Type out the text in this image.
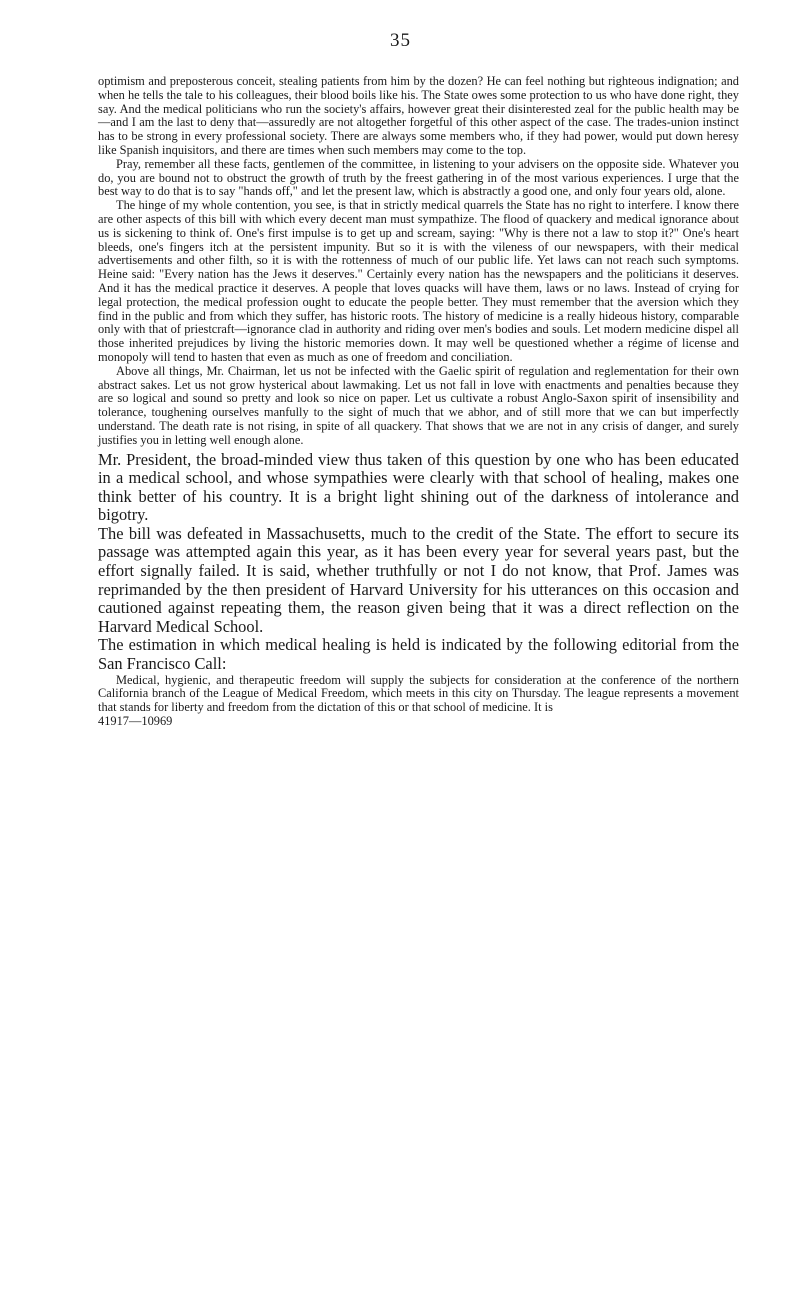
35

optimism and preposterous conceit, stealing patients from him by the dozen? He can feel nothing but righteous indignation; and when he tells the tale to his colleagues, their blood boils like his. The State owes some protection to us who have done right, they say. And the medical politicians who run the society's affairs, however great their disinterested zeal for the public health may be—and I am the last to deny that—assuredly are not altogether forgetful of this other aspect of the case. The trades-union instinct has to be strong in every professional society. There are always some members who, if they had power, would put down heresy like Spanish inquisitors, and there are times when such members may come to the top.

Pray, remember all these facts, gentlemen of the committee, in listening to your advisers on the opposite side. Whatever you do, you are bound not to obstruct the growth of truth by the freest gathering in of the most various experiences. I urge that the best way to do that is to say "hands off," and let the present law, which is abstractly a good one, and only four years old, alone.

The hinge of my whole contention, you see, is that in strictly medical quarrels the State has no right to interfere. I know there are other aspects of this bill with which every decent man must sympathize. The flood of quackery and medical ignorance about us is sickening to think of. One's first impulse is to get up and scream, saying: "Why is there not a law to stop it?" One's heart bleeds, one's fingers itch at the persistent impunity. But so it is with the vileness of our newspapers, with their medical advertisements and other filth, so it is with the rottenness of much of our public life. Yet laws can not reach such symptoms. Heine said: "Every nation has the Jews it deserves." Certainly every nation has the newspapers and the politicians it deserves. And it has the medical practice it deserves. A people that loves quacks will have them, laws or no laws. Instead of crying for legal protection, the medical profession ought to educate the people better. They must remember that the aversion which they find in the public and from which they suffer, has historic roots. The history of medicine is a really hideous history, comparable only with that of priestcraft—ignorance clad in authority and riding over men's bodies and souls. Let modern medicine dispel all those inherited prejudices by living the historic memories down. It may well be questioned whether a régime of license and monopoly will tend to hasten that even as much as one of freedom and conciliation.

Above all things, Mr. Chairman, let us not be infected with the Gaelic spirit of regulation and reglementation for their own abstract sakes. Let us not grow hysterical about lawmaking. Let us not fall in love with enactments and penalties because they are so logical and sound so pretty and look so nice on paper. Let us cultivate a robust Anglo-Saxon spirit of insensibility and tolerance, toughening ourselves manfully to the sight of much that we abhor, and of still more that we can but imperfectly understand. The death rate is not rising, in spite of all quackery. That shows that we are not in any crisis of danger, and surely justifies you in letting well enough alone.

Mr. President, the broad-minded view thus taken of this question by one who has been educated in a medical school, and whose sympathies were clearly with that school of healing, makes one think better of his country. It is a bright light shining out of the darkness of intolerance and bigotry.

The bill was defeated in Massachusetts, much to the credit of the State. The effort to secure its passage was attempted again this year, as it has been every year for several years past, but the effort signally failed. It is said, whether truthfully or not I do not know, that Prof. James was reprimanded by the then president of Harvard University for his utterances on this occasion and cautioned against repeating them, the reason given being that it was a direct reflection on the Harvard Medical School.

The estimation in which medical healing is held is indicated by the following editorial from the San Francisco Call:

Medical, hygienic, and therapeutic freedom will supply the subjects for consideration at the conference of the northern California branch of the League of Medical Freedom, which meets in this city on Thursday. The league represents a movement that stands for liberty and freedom from the dictation of this or that school of medicine. It is

41917—10969
